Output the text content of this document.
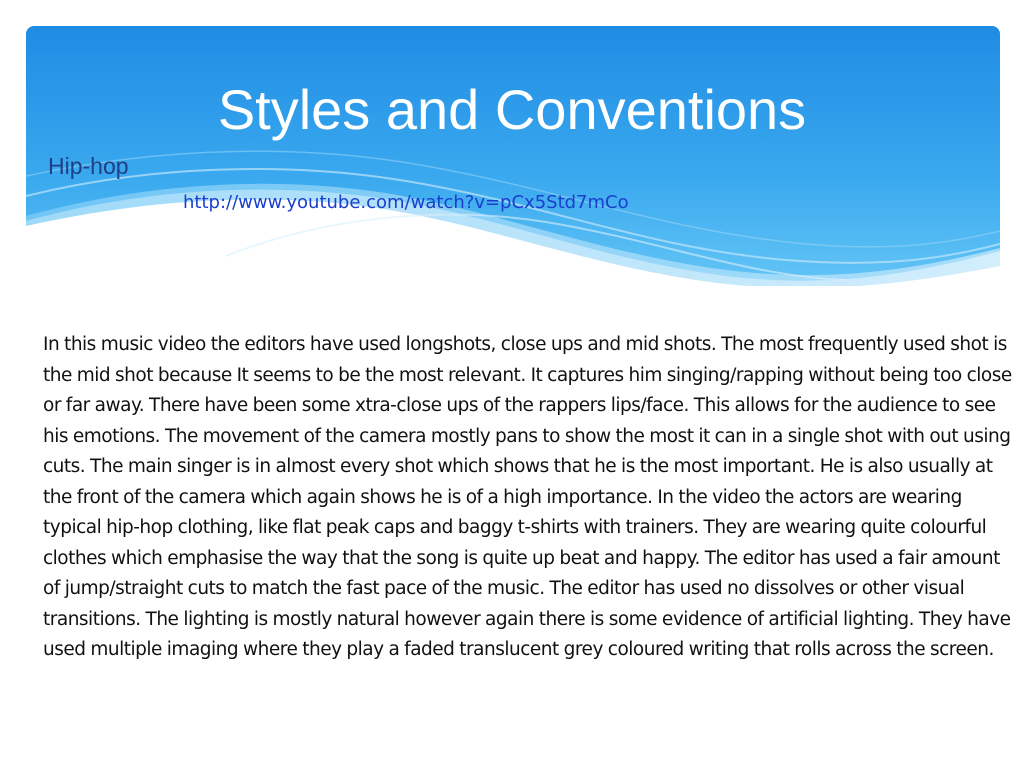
Styles and Conventions

Hip-hop

http://www.youtube.com/watch?v=pCx5Std7mCo

In this music video the editors have used longshots, close ups and mid shots. The most frequently used shot is the mid shot because It seems to be the most relevant. It captures him singing/rapping without being too close or far away. There have been some xtra-close ups of the rappers lips/face. This allows for the audience to see his emotions. The movement of the camera mostly pans to show the most it can in a single shot with out using cuts. The main singer is in almost every shot which shows that he is the most important. He is also usually at the front of the camera which again shows he is of a high importance. In the video the actors are wearing typical hip-hop clothing, like flat peak caps and baggy t-shirts with trainers. They are wearing quite colourful clothes which emphasise the way that the song is quite up beat and happy. The editor has used a fair amount of jump/straight cuts to match the fast pace of the music. The editor has used no dissolves or other visual transitions. The lighting is mostly natural however again there is some evidence of artificial lighting. They have used multiple imaging where they play a faded translucent grey coloured writing that rolls across the screen.
